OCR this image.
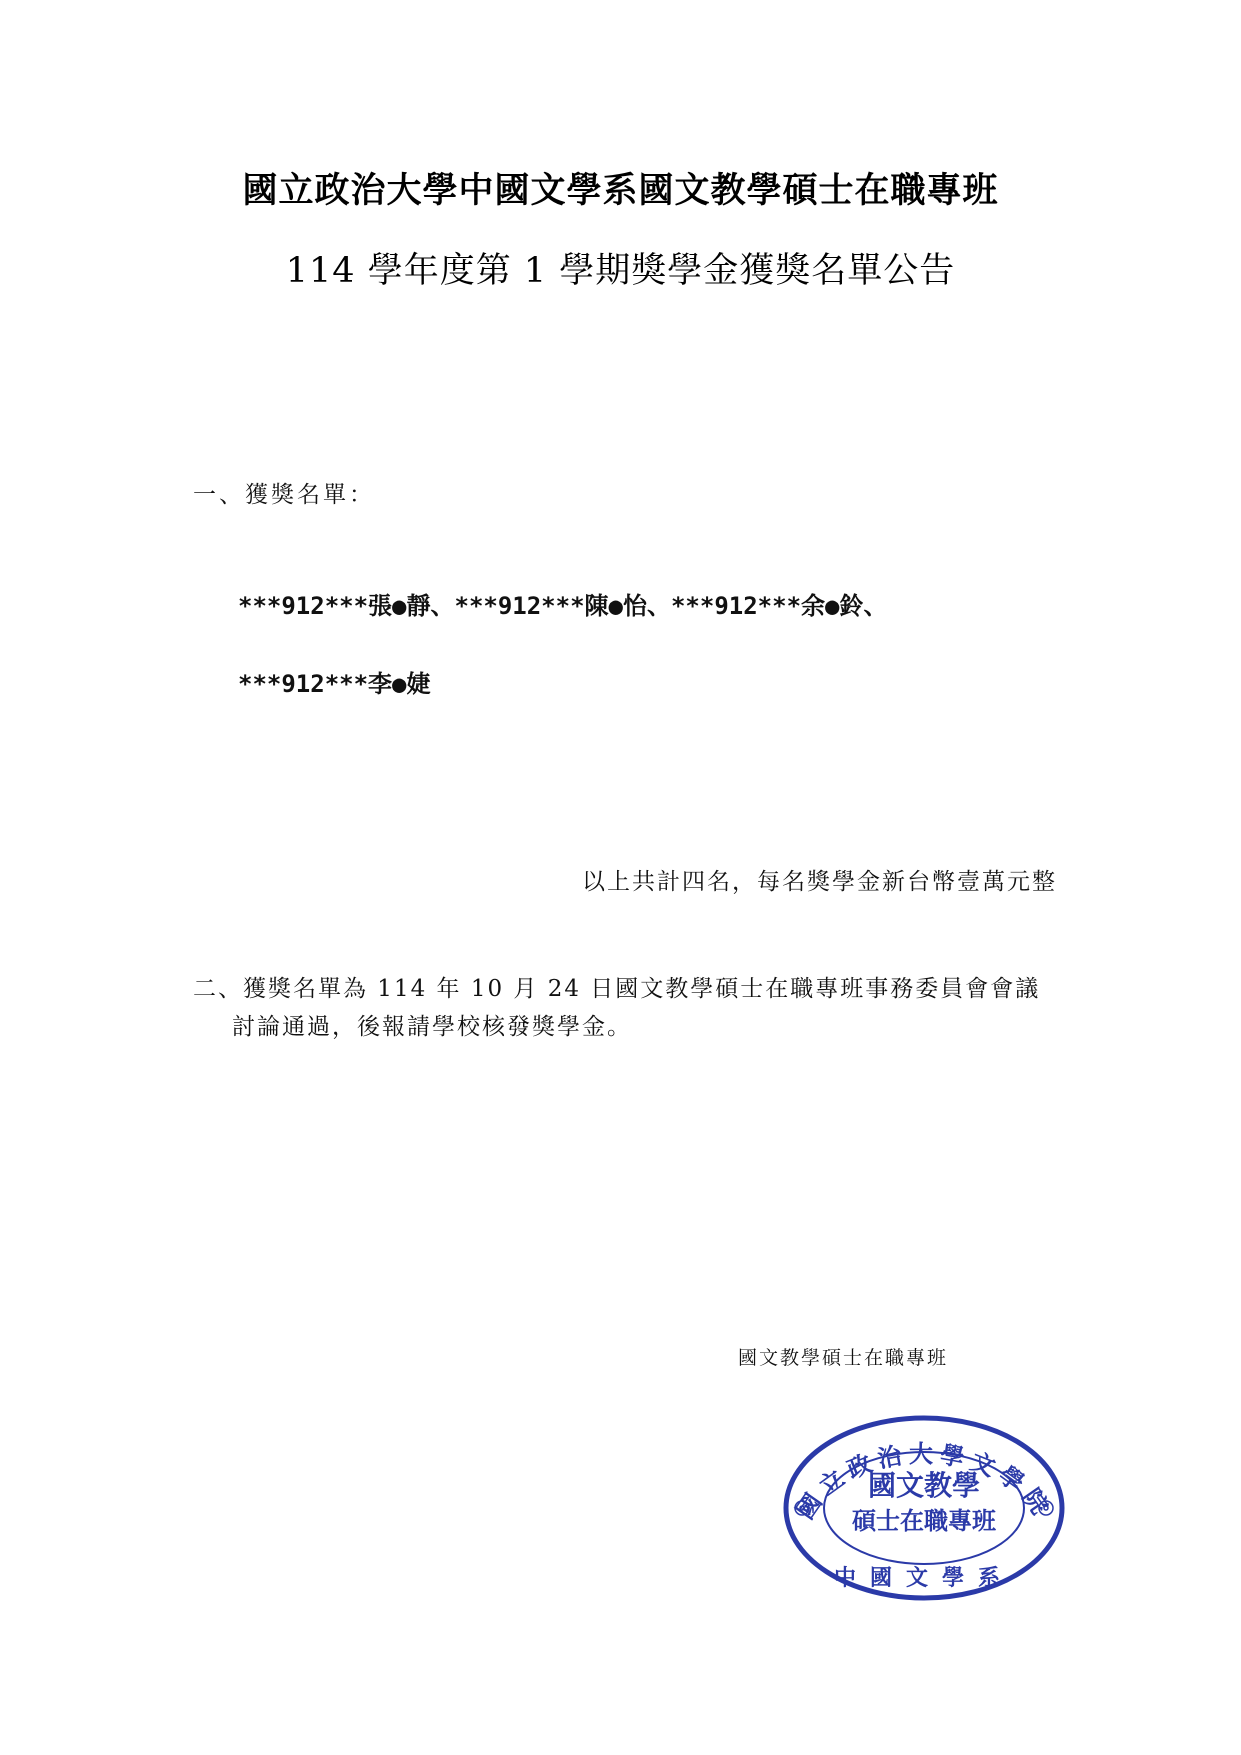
國立政治大學中國文學系國文教學碩士在職專班
114 學年度第 1 學期獎學金獲獎名單公告
一、獲獎名單：
***912***張●靜、***912***陳●怡、***912***余●鈴、
***912***李●婕
以上共計四名，每名獎學金新台幣壹萬元整
二、獲獎名單為 114 年 10 月 24 日國文教學碩士在職專班事務委員會會議
討論通過，後報請學校核發獎學金。
國文教學碩士在職專班
國立政治大學文學院
國文教學
碩士在職專班
中國文學系
